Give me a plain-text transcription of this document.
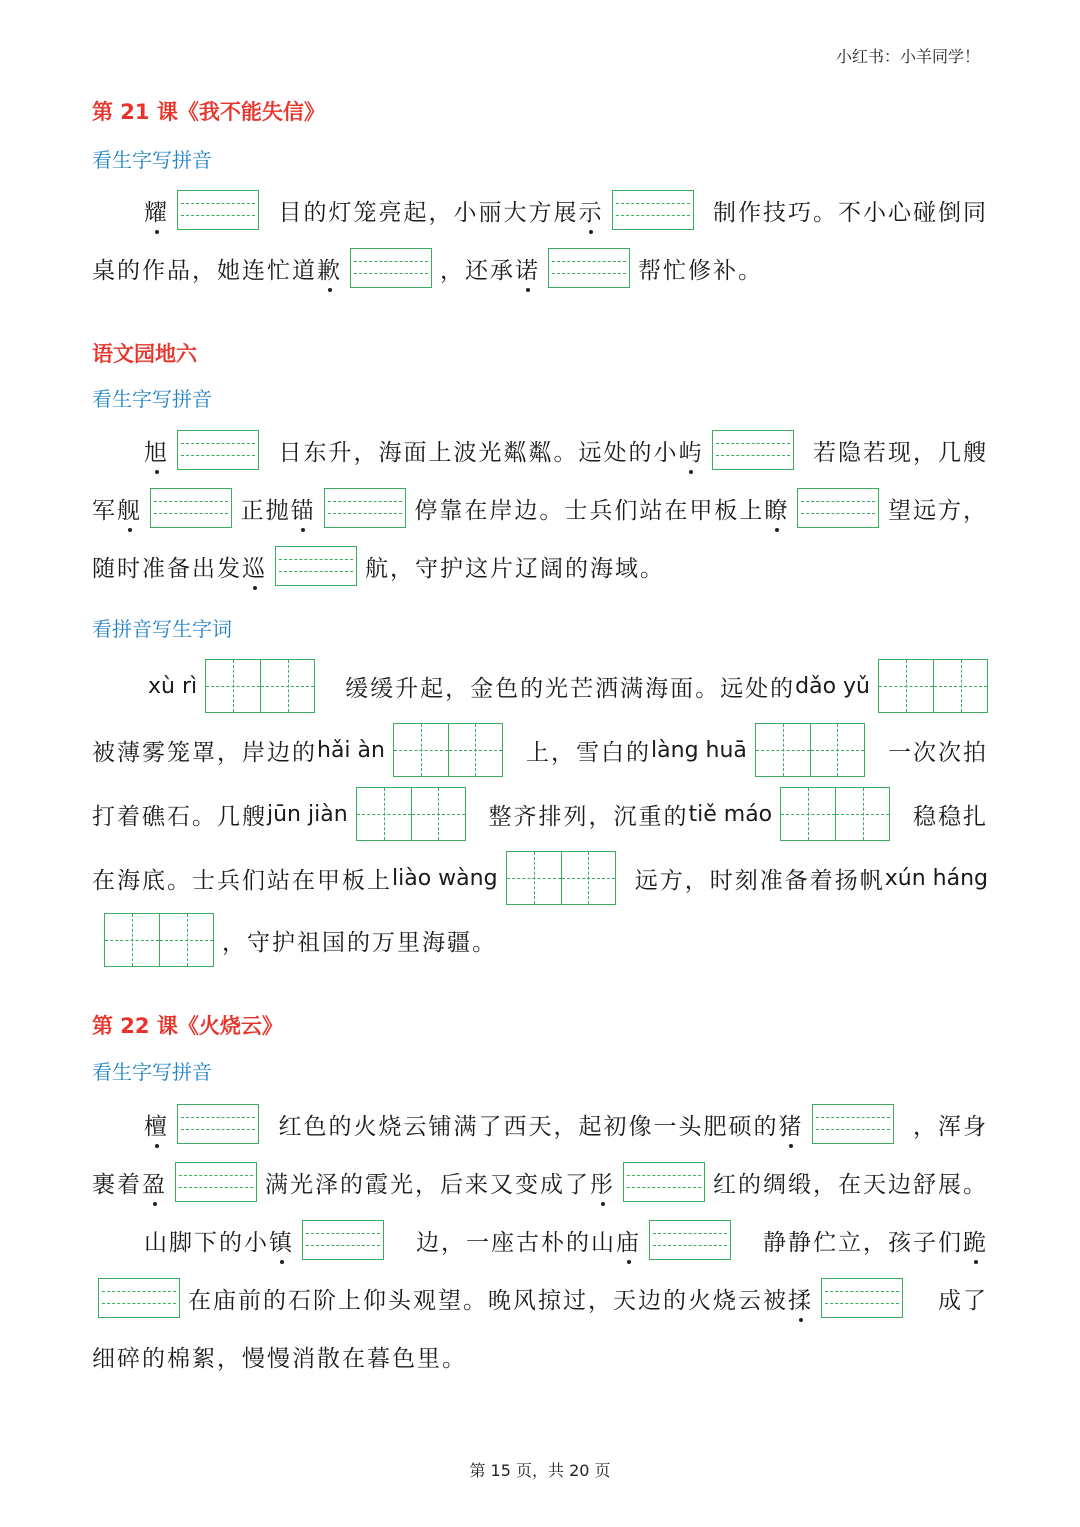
小红书：小羊同学！
第 21 课《我不能失信》
看生字写拼音
耀	目的灯笼亮起，小丽大方展 示	制作技巧。不小心碰倒同
桌的作品，她连忙道 歉	，还承 诺	帮忙修补。
语文园地六
看生字写拼音
旭	日东升，海面上波光粼粼。远处的小 屿	若隐若现，几艘
军 舰	正抛 锚	停靠在岸边。士兵们站在甲板上 瞭	望远方，
随时准备出发 巡	航，守护这片辽阔的海域。
看拼音写生字词
xù rì	缓缓升起，金色的光芒洒满海面。远处的 dǎo yǔ
被薄雾笼罩，岸边的 hǎi àn	上，雪白的 làng huā	一次次拍
打着礁石。几艘 jūn jiàn	整齐排列，沉重的 tiě máo	稳稳扎
在海底。士兵们站在甲板上 liào wàng	远方，时刻准备着扬帆 xún háng
，守护祖国的万里海疆。
第 22 课《火烧云》
看生字写拼音
檀	红色的火烧云铺满了西天，起初像一头肥硕的 猪	，浑身
裹着 盈	满光泽的霞光，后来又变成了 彤	红的绸缎，在天边舒展。
山脚下的小 镇	边，一座古朴的山 庙	静静伫立，孩子们 跪
在庙前的石阶上仰头观望。晚风掠过，天边的火烧云被 揉	成了
细碎的棉絮，慢慢消散在暮色里。
第 15 页，共 20 页
